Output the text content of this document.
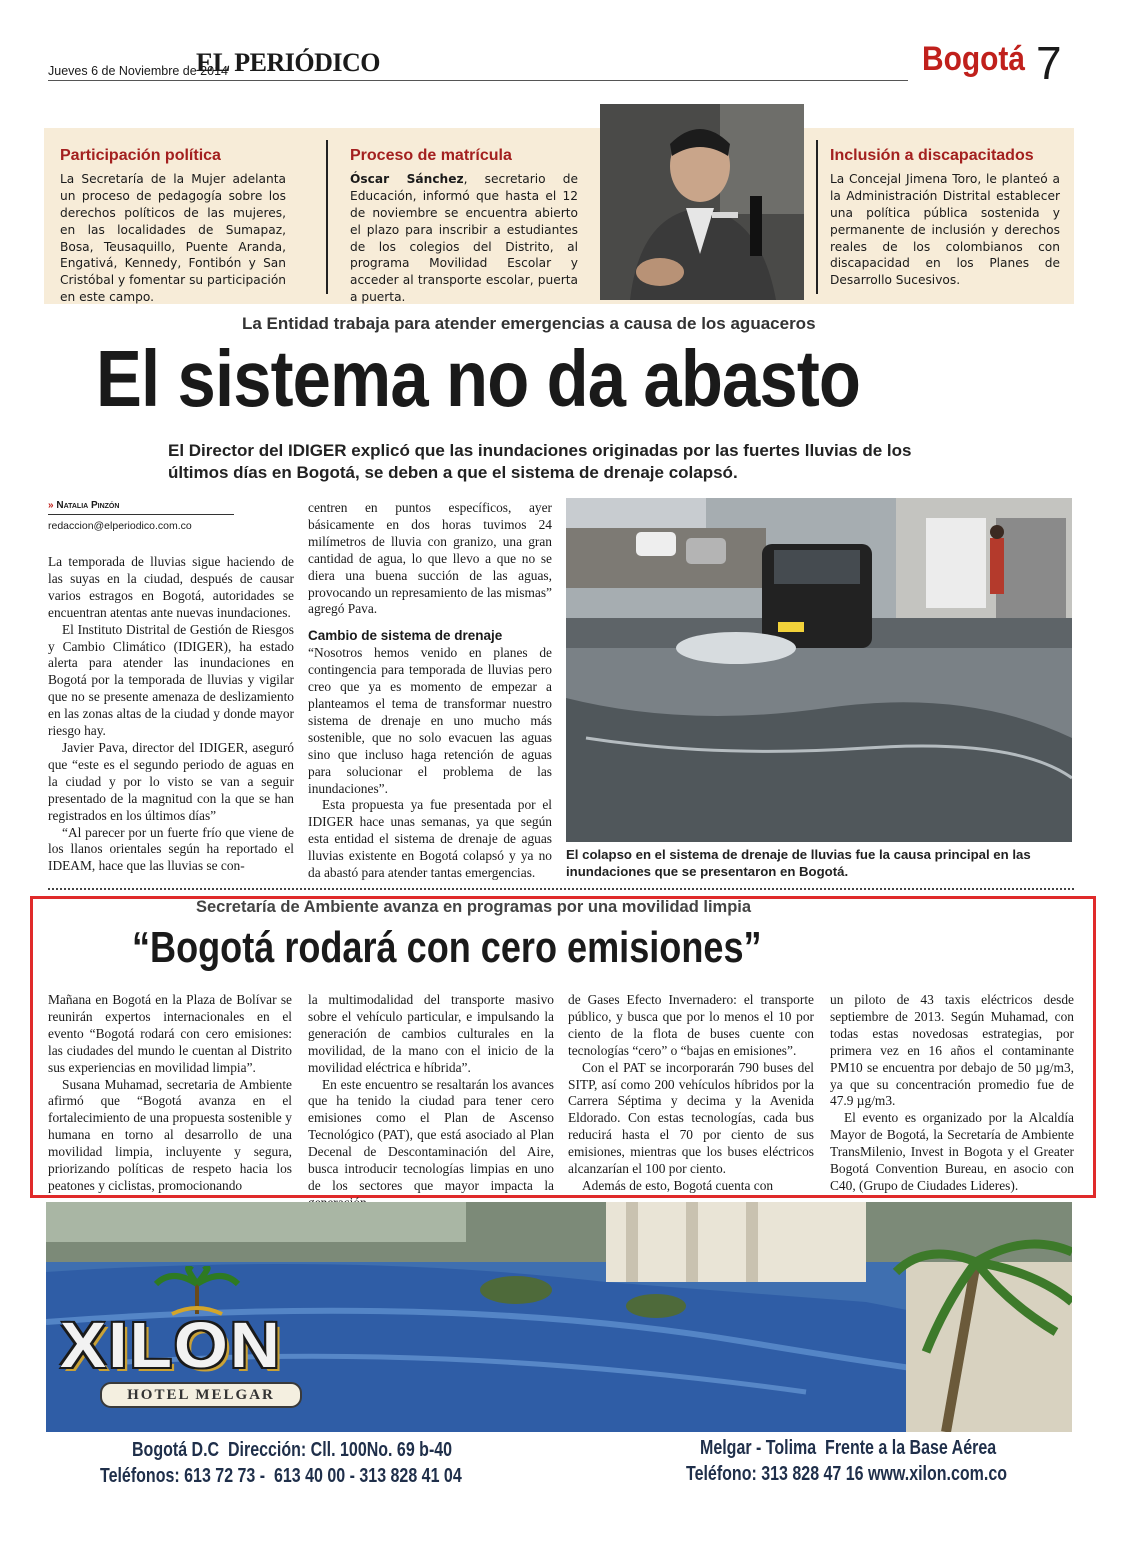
Jueves 6 de Noviembre de 2014
EL PERIÓDICO	Bogotá 7
Participación política
La Secretaría de la Mujer adelanta un proceso de pedagogía sobre los derechos políticos de las mujeres, en las localidades de Sumapaz, Bosa, Teusaquillo, Puente Aranda, Engativá, Kennedy, Fontibón y San Cristóbal y fomentar su participación en este campo.
Proceso de matrícula
Óscar Sánchez, secretario de Educación, informó que hasta el 12 de noviembre se encuentra abierto el plazo para inscribir a estudiantes de los colegios del Distrito, al programa Movilidad Escolar y acceder al transporte escolar, puerta a puerta.
Inclusión a discapacitados
La Concejal Jimena Toro, le planteó a la Administración Distrital establecer una política pública sostenida y permanente de inclusión y derechos reales de los colombianos con discapacidad en los Planes de Desarrollo Sucesivos.
La Entidad trabaja para atender emergencias a causa de los aguaceros
El sistema no da abasto
El Director del IDIGER explicó que las inundaciones originadas por las fuertes lluvias de los últimos días en Bogotá, se deben a que el sistema de drenaje colapsó.
» Natalia Pinzón
redaccion@elperiodico.com.co

La temporada de lluvias sigue haciendo de las suyas en la ciudad, después de causar varios estragos en Bogotá, autoridades se encuentran atentas ante nuevas inundaciones.

El Instituto Distrital de Gestión de Riesgos y Cambio Climático (IDIGER), ha estado alerta para atender las inundaciones en Bogotá por la temporada de lluvias y vigilar que no se presente amenaza de deslizamiento en las zonas altas de la ciudad y donde mayor riesgo hay.

Javier Pava, director del IDIGER, aseguró que “este es el segundo periodo de aguas en la ciudad y por lo visto se van a seguir presentado de la magnitud con la que se han registrados en los últimos días”

“Al parecer por un fuerte frío que viene de los llanos orientales según ha reportado el IDEAM, hace que las lluvias se con-

centren en puntos específicos, ayer básicamente en dos horas tuvimos 24 milímetros de lluvia con granizo, una gran cantidad de agua, lo que llevo a que no se diera una buena succión de las aguas, provocando un represamiento de las mismas” agregó Pava.

Cambio de sistema de drenaje

“Nosotros hemos venido en planes de contingencia para temporada de lluvias pero creo que ya es momento de empezar a planteamos el tema de transformar nuestro sistema de drenaje en uno mucho más sostenible, que no solo evacuen las aguas sino que incluso haga retención de aguas para solucionar el problema de las inundaciones”.

Esta propuesta ya fue presentada por el IDIGER hace unas semanas, ya que según esta entidad el sistema de drenaje de aguas lluvias existente en Bogotá colapsó y ya no da abastó para atender tantas emergencias.

El colapso en el sistema de drenaje de lluvias fue la causa principal en las inundaciones que se presentaron en Bogotá.
Secretaría de Ambiente avanza en programas por una movilidad limpia
“Bogotá rodará con cero emisiones”

Mañana en Bogotá en la Plaza de Bolívar se reunirán expertos internacionales en el evento “Bogotá rodará con cero emisiones: las ciudades del mundo le cuentan al Distrito sus experiencias en movilidad limpia”.

Susana Muhamad, secretaria de Ambiente afirmó que “Bogotá avanza en el fortalecimiento de una propuesta sostenible y humana en torno al desarrollo de una movilidad limpia, incluyente y segura, priorizando políticas de respeto hacia los peatones y ciclistas, promocionando

la multimodalidad del transporte masivo sobre el vehículo particular, e impulsando la generación de cambios culturales en la movilidad, de la mano con el inicio de la movilidad eléctrica e híbrida”.

En este encuentro se resaltarán los avances que ha tenido la ciudad para tener cero emisiones como el Plan de Ascenso Tecnológico (PAT), que está asociado al Plan Decenal de Descontaminación del Aire, busca introducir tecnologías limpias en uno de los sectores que mayor impacta la

de Gases Efecto Invernadero: el transporte público, y busca que por lo menos el 10 por ciento de la flota de buses cuente con tecnologías “cero” o “bajas en emisiones”.

Con el PAT se incorporarán 790 buses del SITP, así como 200 vehículos híbridos por la Carrera Séptima y decima y la Avenida Eldorado. Con estas tecnologías, cada bus reducirá hasta el 70 por ciento de sus emisiones, mientras que los buses eléctricos alcanzarían el 100 por ciento.

Además de esto, Bogotá cuenta con

un piloto de 43 taxis eléctricos desde septiembre de 2013. Según Muhamad, con todas estas novedosas estrategias, por primera vez en 16 años el contaminante PM10 se encuentra por debajo de 50 µg/m3, ya que su concentración promedio fue de 47.9 µg/m3.

El evento es organizado por la Alcaldía Mayor de Bogotá, la Secretaría de Ambiente TransMilenio, Invest in Bogota y el Greater Bogotá Convention Bureau, en asocio con C40, (Grupo de Ciudades Lideres).

XILON
HOTEL MELGAR
Bogotá D.C  Dirección: Cll. 100No. 69 b-40
Teléfonos: 613 72 73 -  613 40 00 - 313 828 41 04
Melgar - Tolima  Frente a la Base Aérea
Teléfono: 313 828 47 16 www.xilon.com.co
